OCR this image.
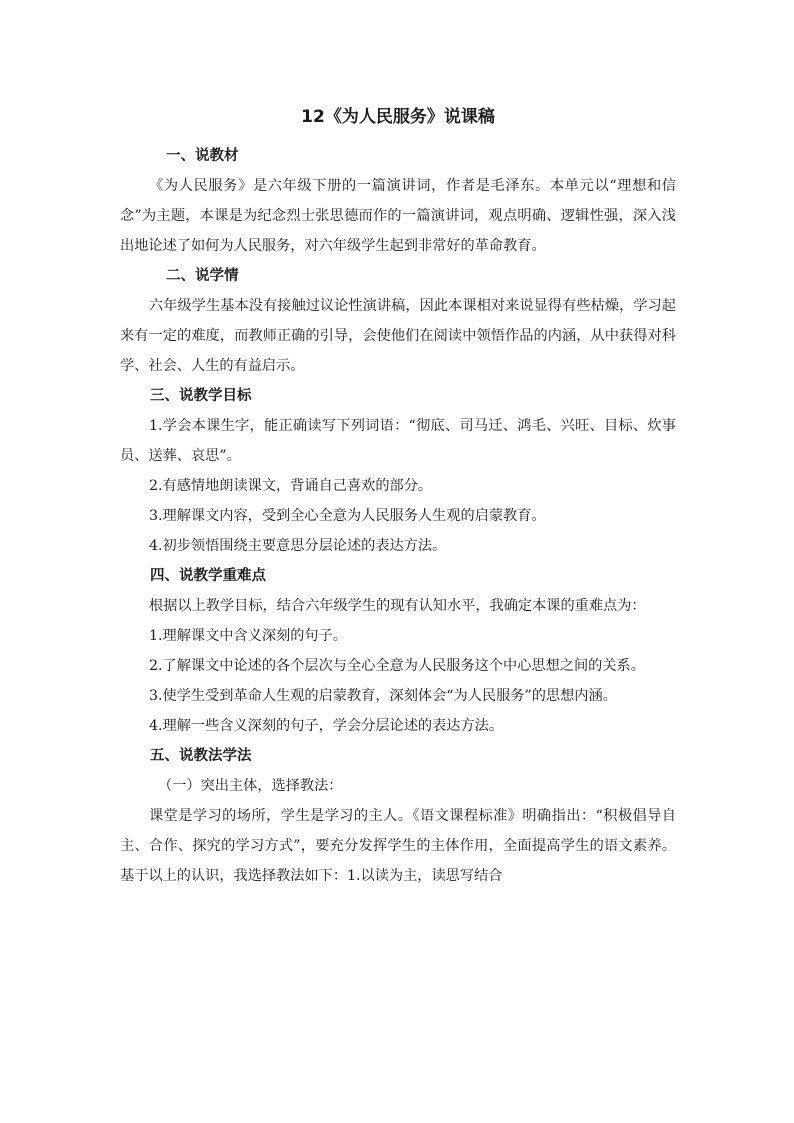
12《为人民服务》说课稿
一、说教材

《为人民服务》是六年级下册的一篇演讲词，作者是毛泽东。本单元以“理想和信念”为主题，本课是为纪念烈士张思德而作的一篇演讲词，观点明确、逻辑性强，深入浅出地论述了如何为人民服务，对六年级学生起到非常好的革命教育。

二、说学情

六年级学生基本没有接触过议论性演讲稿，因此本课相对来说显得有些枯燥，学习起来有一定的难度，而教师正确的引导，会使他们在阅读中领悟作品的内涵，从中获得对科学、社会、人生的有益启示。

三、说教学目标

1.学会本课生字，能正确读写下列词语：“彻底、司马迁、鸿毛、兴旺、目标、炊事员、送葬、哀思”。

2.有感情地朗读课文，背诵自己喜欢的部分。

3.理解课文内容，受到全心全意为人民服务人生观的启蒙教育。

4.初步领悟围绕主要意思分层论述的表达方法。

四、说教学重难点

根据以上教学目标，结合六年级学生的现有认知水平，我确定本课的重难点为：

1.理解课文中含义深刻的句子。

2.了解课文中论述的各个层次与全心全意为人民服务这个中心思想之间的关系。

3.使学生受到革命人生观的启蒙教育，深刻体会“为人民服务”的思想内涵。

4.理解一些含义深刻的句子，学会分层论述的表达方法。

五、说教法学法

（一）突出主体，选择教法：

课堂是学习的场所，学生是学习的主人。《语文课程标准》明确指出：“积极倡导自主、合作、探究的学习方式”，要充分发挥学生的主体作用，全面提高学生的语文素养。基于以上的认识，我选择教法如下：1.以读为主，读思写结合
